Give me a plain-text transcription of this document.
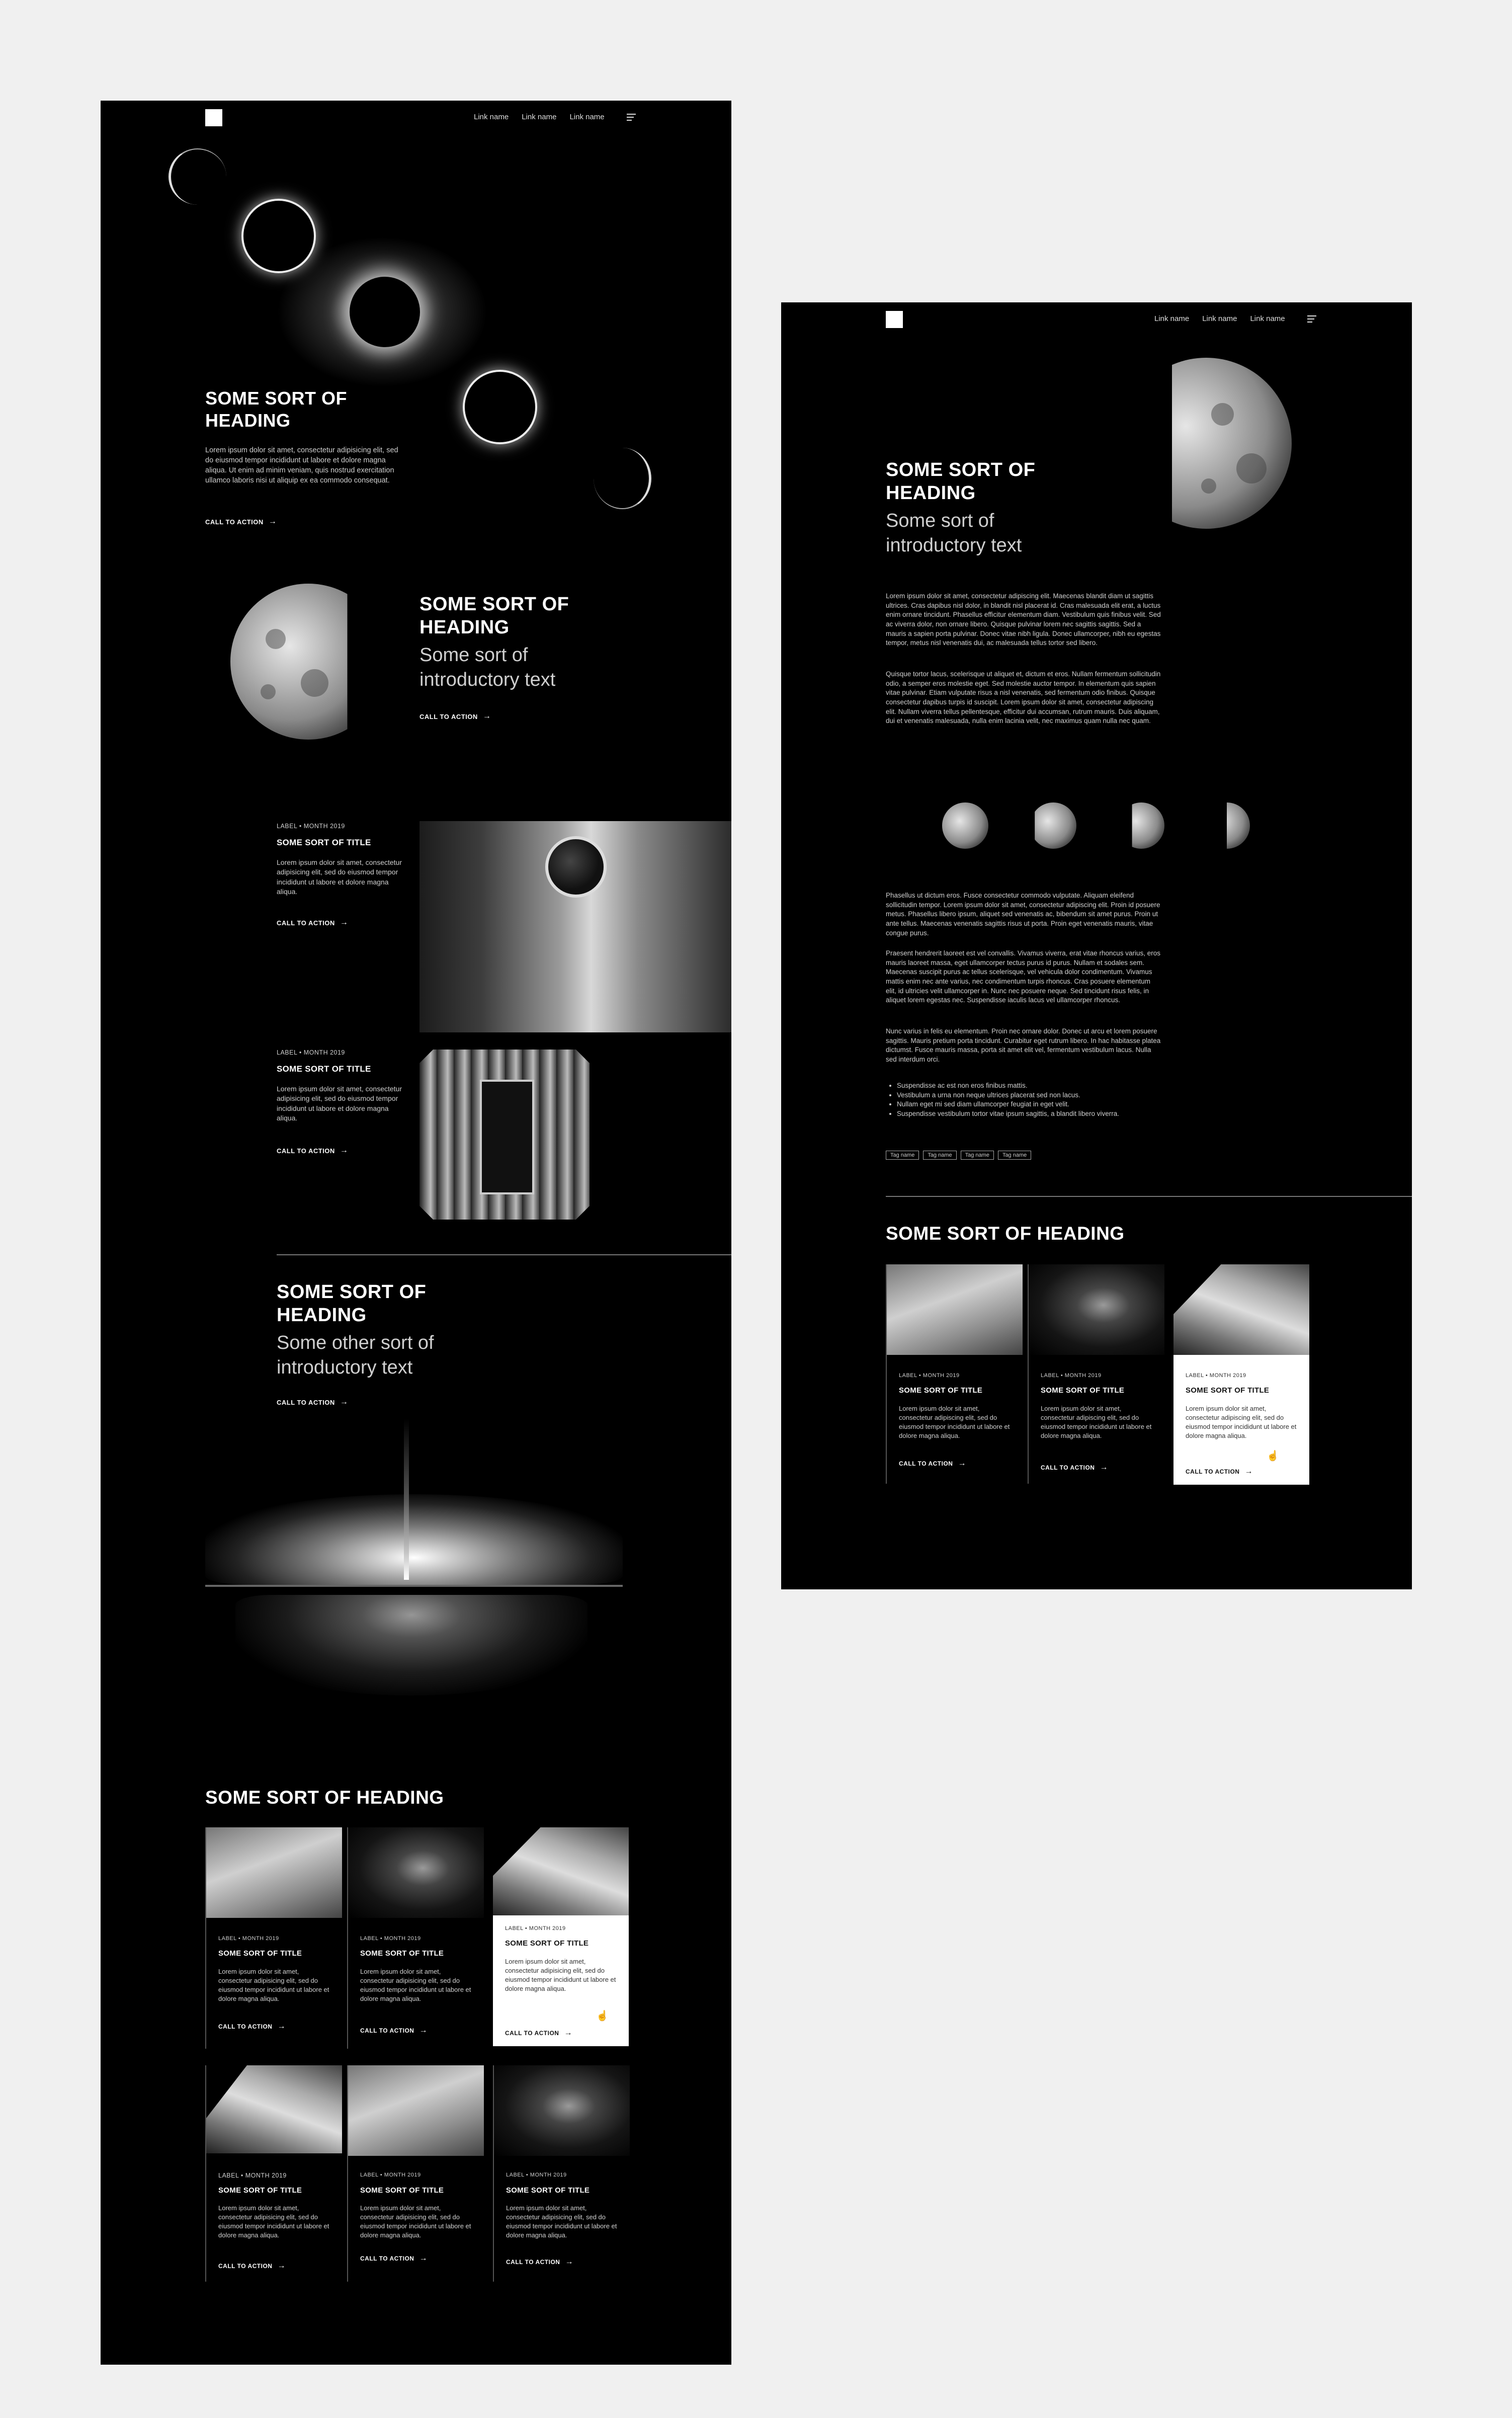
Link name Link name Link name
SOME SORT OF HEADING
Lorem ipsum dolor sit amet, consectetur adipisicing elit, sed do eiusmod tempor incididunt ut labore et dolore magna aliqua. Ut enim ad minim veniam, quis nostrud exercitation ullamco laboris nisi ut aliquip ex ea commodo consequat.
CALL TO ACTION →
SOME SORT OF HEADING
Some sort of introductory text
CALL TO ACTION →
LABEL • MONTH 2019
SOME SORT OF TITLE
Lorem ipsum dolor sit amet, consectetur adipisicing elit, sed do eiusmod tempor incididunt ut labore et dolore magna aliqua.
CALL TO ACTION →
LABEL • MONTH 2019
SOME SORT OF TITLE
Lorem ipsum dolor sit amet, consectetur adipisicing elit, sed do eiusmod tempor incididunt ut labore et dolore magna aliqua.
CALL TO ACTION →
SOME SORT OF HEADING
Some other sort of introductory text
CALL TO ACTION →
SOME SORT OF HEADING
LABEL • MONTH 2019
SOME SORT OF TITLE
Lorem ipsum dolor sit amet, consectetur adipisicing elit, sed do eiusmod tempor incididunt ut labore et dolore magna aliqua.
CALL TO ACTION →
LABEL • MONTH 2019
SOME SORT OF TITLE
Lorem ipsum dolor sit amet, consectetur adipisicing elit, sed do eiusmod tempor incididunt ut labore et dolore magna aliqua.
CALL TO ACTION →
LABEL • MONTH 2019
SOME SORT OF TITLE
Lorem ipsum dolor sit amet, consectetur adipisicing elit, sed do eiusmod tempor incididunt ut labore et dolore magna aliqua.
☝
CALL TO ACTION →
LABEL • MONTH 2019
SOME SORT OF TITLE
Lorem ipsum dolor sit amet, consectetur adipisicing elit, sed do eiusmod tempor incididunt ut labore et dolore magna aliqua.
CALL TO ACTION →
LABEL • MONTH 2019
SOME SORT OF TITLE
Lorem ipsum dolor sit amet, consectetur adipisicing elit, sed do eiusmod tempor incididunt ut labore et dolore magna aliqua.
CALL TO ACTION →
LABEL • MONTH 2019
SOME SORT OF TITLE
Lorem ipsum dolor sit amet, consectetur adipisicing elit, sed do eiusmod tempor incididunt ut labore et dolore magna aliqua.
CALL TO ACTION →
Link name Link name Link name
SOME SORT OF HEADING
Some sort of introductory text
Lorem ipsum dolor sit amet, consectetur adipiscing elit. Maecenas blandit diam ut sagittis ultrices. Cras dapibus nisl dolor, in blandit nisl placerat id. Cras malesuada elit erat, a luctus enim ornare tincidunt. Phasellus efficitur elementum diam. Vestibulum quis finibus velit. Sed ac viverra dolor, non ornare libero. Quisque pulvinar lorem nec sagittis sagittis. Sed a mauris a sapien porta pulvinar. Donec vitae nibh ligula. Donec ullamcorper, nibh eu egestas tempor, metus nisl venenatis dui, ac malesuada tellus tortor sed libero.
Quisque tortor lacus, scelerisque ut aliquet et, dictum et eros. Nullam fermentum sollicitudin odio, a semper eros molestie eget. Sed molestie auctor tempor. In elementum quis sapien vitae pulvinar. Etiam vulputate risus a nisl venenatis, sed fermentum odio finibus. Quisque consectetur dapibus turpis id suscipit. Lorem ipsum dolor sit amet, consectetur adipiscing elit. Nullam viverra tellus pellentesque, efficitur dui accumsan, rutrum mauris. Duis aliquam, dui et venenatis malesuada, nulla enim lacinia velit, nec maximus quam nulla nec quam.
Phasellus ut dictum eros. Fusce consectetur commodo vulputate. Aliquam eleifend sollicitudin tempor. Lorem ipsum dolor sit amet, consectetur adipiscing elit. Proin id posuere metus. Phasellus libero ipsum, aliquet sed venenatis ac, bibendum sit amet purus. Proin ut ante tellus. Maecenas venenatis sagittis risus ut porta. Proin eget venenatis mauris, vitae congue purus.
Praesent hendrerit laoreet est vel convallis. Vivamus viverra, erat vitae rhoncus varius, eros mauris laoreet massa, eget ullamcorper tectus purus id purus. Nullam et sodales sem. Maecenas suscipit purus ac tellus scelerisque, vel vehicula dolor condimentum. Vivamus mattis enim nec ante varius, nec condimentum turpis rhoncus. Cras posuere elementum elit, id ultricies velit ullamcorper in. Nunc nec posuere neque. Sed tincidunt risus felis, in aliquet lorem egestas nec. Suspendisse iaculis lacus vel ullamcorper rhoncus.
Nunc varius in felis eu elementum. Proin nec ornare dolor. Donec ut arcu et lorem posuere sagittis. Mauris pretium porta tincidunt. Curabitur eget rutrum libero. In hac habitasse platea dictumst. Fusce mauris massa, porta sit amet elit vel, fermentum vestibulum lacus. Nulla sed interdum orci.
• Suspendisse ac est non eros finibus mattis.
• Vestibulum a urna non neque ultrices placerat sed non lacus.
• Nullam eget mi sed diam ullamcorper feugiat in eget velit.
• Suspendisse vestibulum tortor vitae ipsum sagittis, a blandit libero viverra.
Tag name	Tag name	Tag name	Tag name
SOME SORT OF HEADING
LABEL • MONTH 2019
SOME SORT OF TITLE
Lorem ipsum dolor sit amet, consectetur adipiscing elit, sed do eiusmod tempor incididunt ut labore et dolore magna aliqua.
CALL TO ACTION →
LABEL • MONTH 2019
SOME SORT OF TITLE
Lorem ipsum dolor sit amet, consectetur adipiscing elit, sed do eiusmod tempor incididunt ut labore et dolore magna aliqua.
CALL TO ACTION →
LABEL • MONTH 2019
SOME SORT OF TITLE
Lorem ipsum dolor sit amet, consectetur adipiscing elit, sed do eiusmod tempor incididunt ut labore et dolore magna aliqua.
☝
CALL TO ACTION →
